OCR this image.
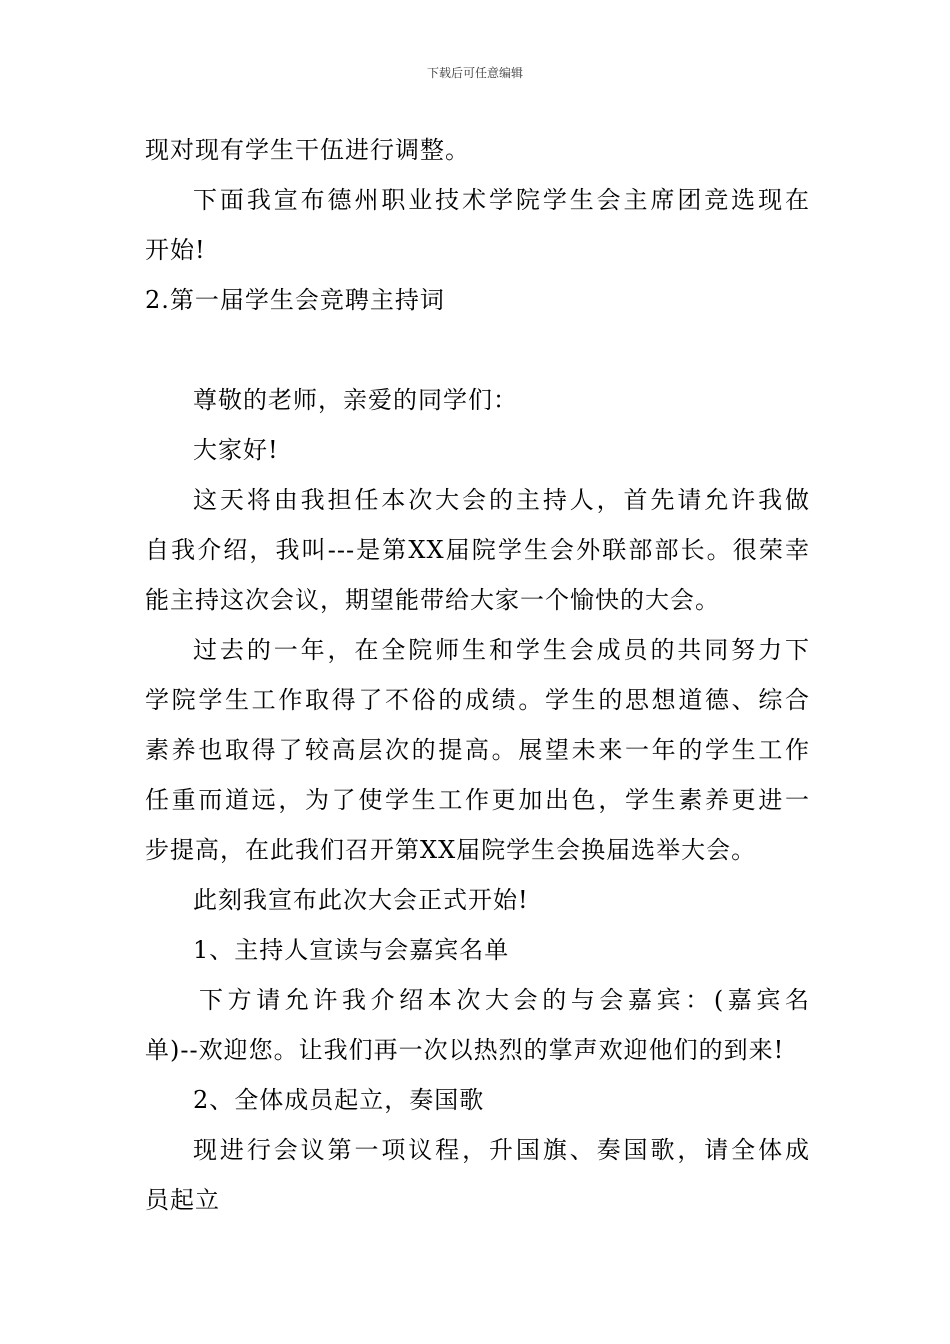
下载后可任意编辑
现对现有学生干伍进行调整。
下面我宣布德州职业技术学院学生会主席团竞选现在
开始!
2.第一届学生会竞聘主持词
尊敬的老师，亲爱的同学们：
大家好!
这天将由我担任本次大会的主持人，首先请允许我做
自我介绍，我叫---是第XX届院学生会外联部部长。很荣幸
能主持这次会议，期望能带给大家一个愉快的大会。
过去的一年，在全院师生和学生会成员的共同努力下
学院学生工作取得了不俗的成绩。学生的思想道德、综合
素养也取得了较高层次的提高。展望未来一年的学生工作
任重而道远，为了使学生工作更加出色，学生素养更进一
步提高，在此我们召开第XX届院学生会换届选举大会。
此刻我宣布此次大会正式开始!
1、主持人宣读与会嘉宾名单
下方请允许我介绍本次大会的与会嘉宾：(嘉宾名
单)--欢迎您。让我们再一次以热烈的掌声欢迎他们的到来!
2、全体成员起立，奏国歌
现进行会议第一项议程，升国旗、奏国歌，请全体成
员起立
